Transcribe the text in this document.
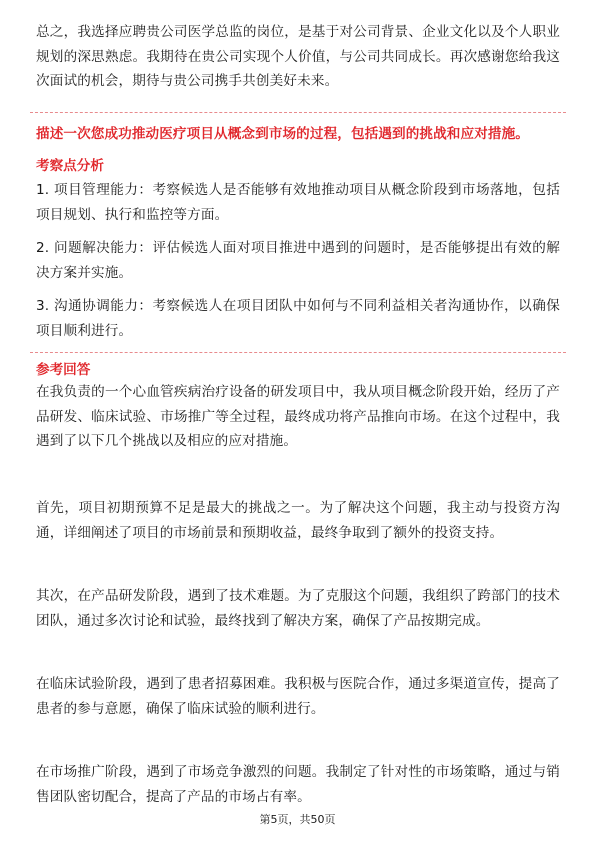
总之，我选择应聘贵公司医学总监的岗位，是基于对公司背景、企业文化以及个人职业规划的深思熟虑。我期待在贵公司实现个人价值，与公司共同成长。再次感谢您给我这次面试的机会，期待与贵公司携手共创美好未来。

描述一次您成功推动医疗项目从概念到市场的过程，包括遇到的挑战和应对措施。

考察点分析

1. 项目管理能力：考察候选人是否能够有效地推动项目从概念阶段到市场落地，包括项目规划、执行和监控等方面。

2. 问题解决能力：评估候选人面对项目推进中遇到的问题时，是否能够提出有效的解决方案并实施。

3. 沟通协调能力：考察候选人在项目团队中如何与不同利益相关者沟通协作，以确保项目顺利进行。

参考回答

在我负责的一个心血管疾病治疗设备的研发项目中，我从项目概念阶段开始，经历了产品研发、临床试验、市场推广等全过程，最终成功将产品推向市场。在这个过程中，我遇到了以下几个挑战以及相应的应对措施。

首先，项目初期预算不足是最大的挑战之一。为了解决这个问题，我主动与投资方沟通，详细阐述了项目的市场前景和预期收益，最终争取到了额外的投资支持。

其次，在产品研发阶段，遇到了技术难题。为了克服这个问题，我组织了跨部门的技术团队，通过多次讨论和试验，最终找到了解决方案，确保了产品按期完成。

在临床试验阶段，遇到了患者招募困难。我积极与医院合作，通过多渠道宣传，提高了患者的参与意愿，确保了临床试验的顺利进行。

在市场推广阶段，遇到了市场竞争激烈的问题。我制定了针对性的市场策略，通过与销售团队密切配合，提高了产品的市场占有率。

第5页，共50页
